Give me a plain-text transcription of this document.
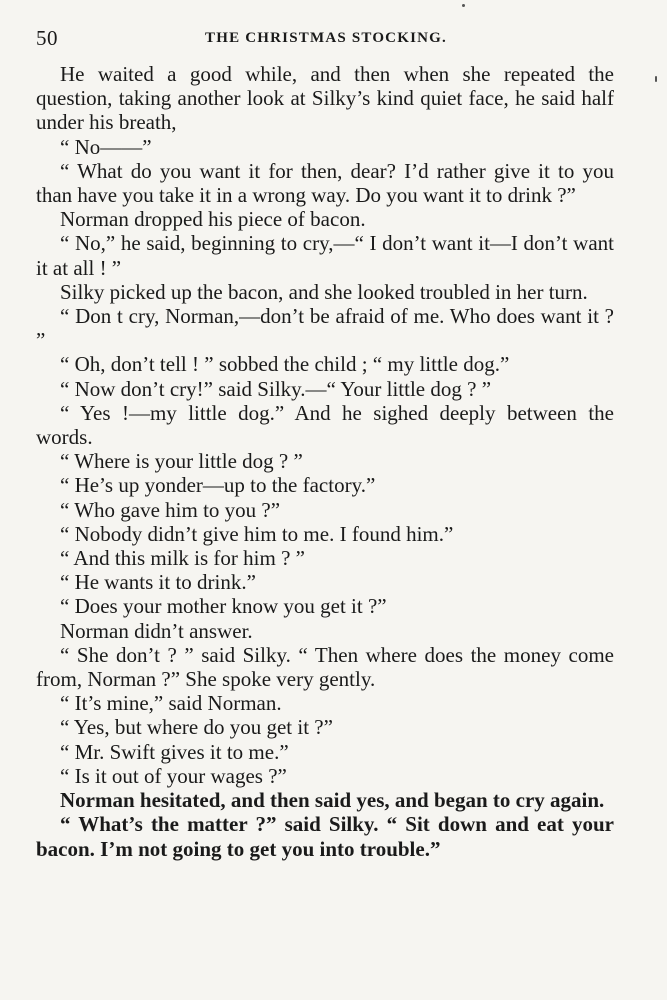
50	THE CHRISTMAS STOCKING.

He waited a good while, and then when she repeated the question, taking another look at Silky’s kind quiet face, he said half under his breath,

“ No——”

“ What do you want it for then, dear? I’d rather give it to you than have you take it in a wrong way. Do you want it to drink ?”

Norman dropped his piece of bacon.

“ No,” he said, beginning to cry,—“ I don’t want it—I don’t want it at all ! ”

Silky picked up the bacon, and she looked troubled in her turn.

“ Don t cry, Norman,—don’t be afraid of me. Who does want it ? ”

“ Oh, don’t tell ! ” sobbed the child ; “ my little dog.”

“ Now don’t cry!” said Silky.—“ Your little dog ? ”

“ Yes !—my little dog.” And he sighed deeply between the words.

“ Where is your little dog ? ”

“ He’s up yonder—up to the factory.”

“ Who gave him to you ?”

“ Nobody didn’t give him to me. I found him.”

“ And this milk is for him ? ”

“ He wants it to drink.”

“ Does your mother know you get it ?”

Norman didn’t answer.

“ She don’t ? ” said Silky. “ Then where does the money come from, Norman ?” She spoke very gently.

“ It’s mine,” said Norman.

“ Yes, but where do you get it ?”

“ Mr. Swift gives it to me.”

“ Is it out of your wages ?”

Norman hesitated, and then said yes, and began to cry again.

“ What’s the matter ?” said Silky. “ Sit down and eat your bacon. I’m not going to get you into trouble.”
